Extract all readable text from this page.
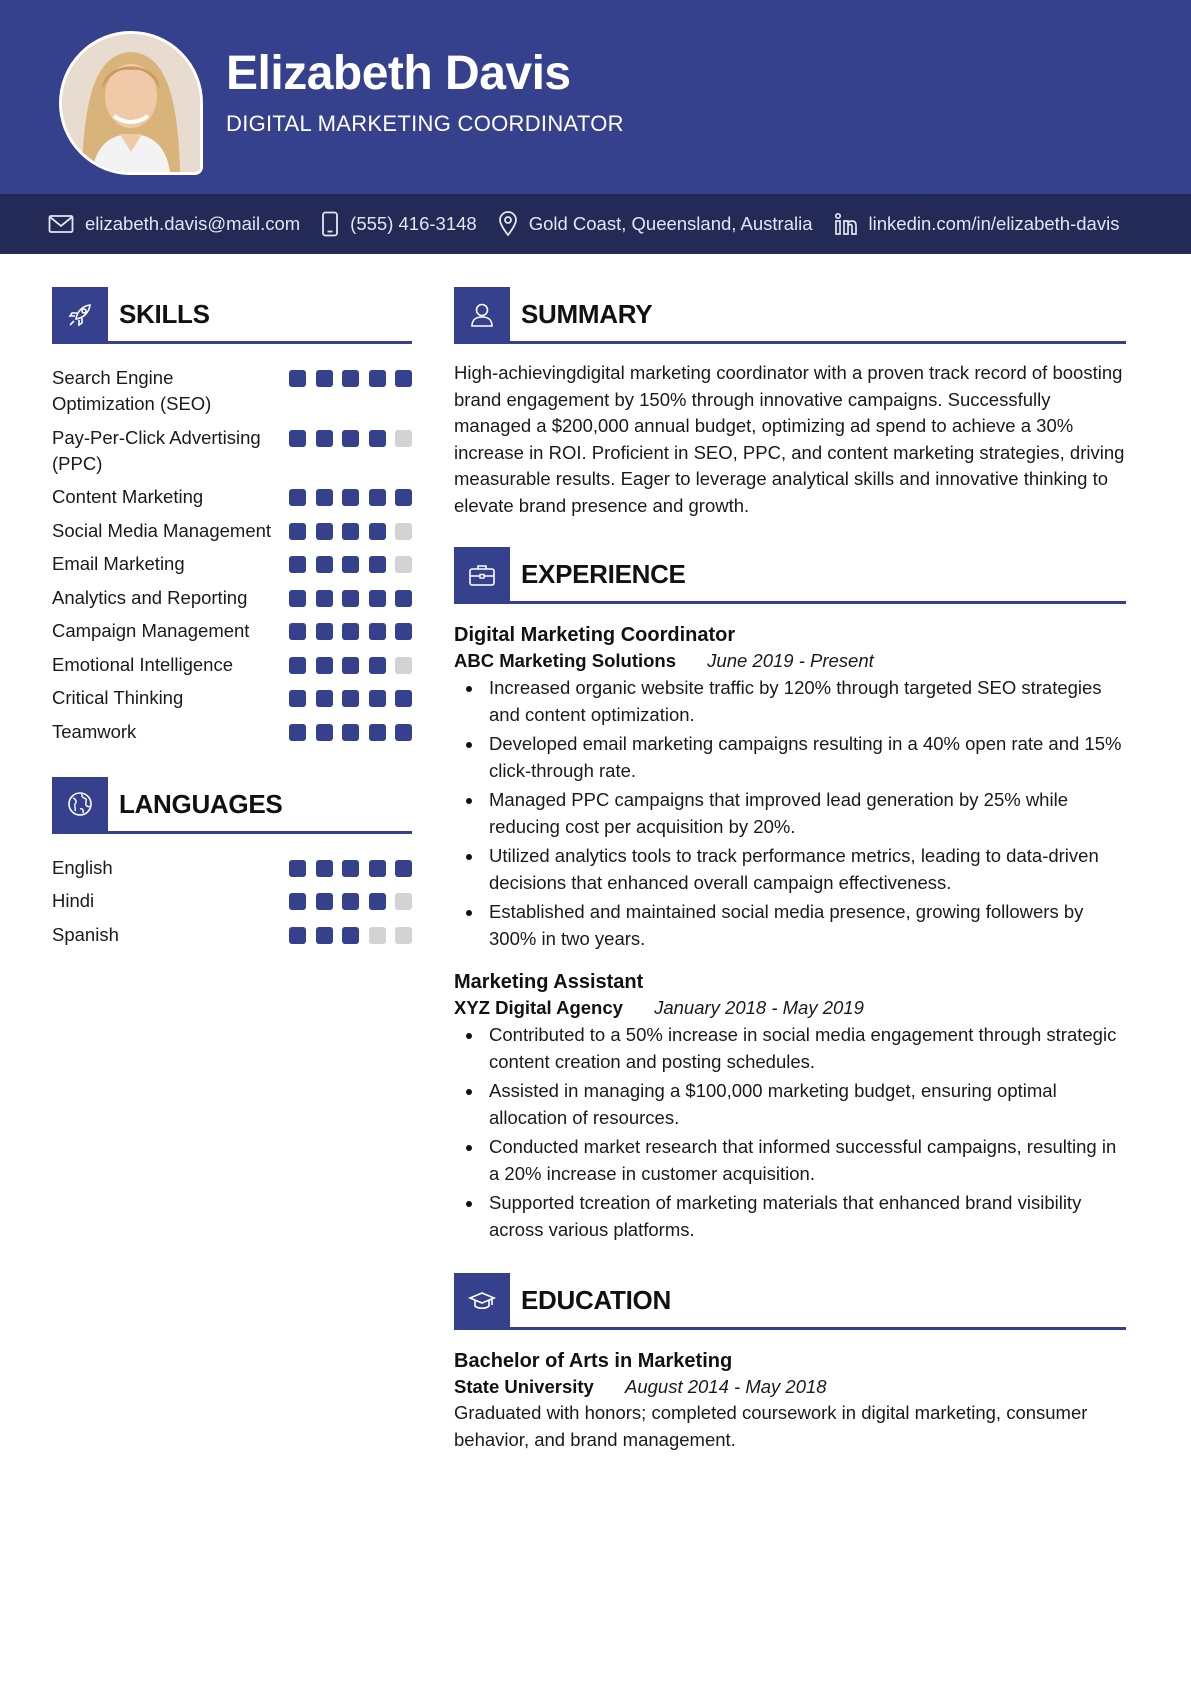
Elizabeth Davis
DIGITAL MARKETING COORDINATOR
elizabeth.davis@mail.com	(555) 416-3148	Gold Coast, Queensland, Australia	linkedin.com/in/elizabeth-davis
SKILLS
Search Engine Optimization (SEO)
Pay-Per-Click Advertising (PPC)
Content Marketing
Social Media Management
Email Marketing
Analytics and Reporting
Campaign Management
Emotional Intelligence
Critical Thinking
Teamwork
LANGUAGES
English
Hindi
Spanish
SUMMARY

High-achievingdigital marketing coordinator with a proven track record of boosting brand engagement by 150% through innovative campaigns. Successfully managed a $200,000 annual budget, optimizing ad spend to achieve a 30% increase in ROI. Proficient in SEO, PPC, and content marketing strategies, driving measurable results. Eager to leverage analytical skills and innovative thinking to elevate brand presence and growth.

EXPERIENCE
Digital Marketing Coordinator
ABC Marketing Solutions June 2019 - Present
Increased organic website traffic by 120% through targeted SEO strategies and content optimization.
Developed email marketing campaigns resulting in a 40% open rate and 15% click-through rate.
Managed PPC campaigns that improved lead generation by 25% while reducing cost per acquisition by 20%.
Utilized analytics tools to track performance metrics, leading to data-driven decisions that enhanced overall campaign effectiveness.
Established and maintained social media presence, growing followers by 300% in two years.
Marketing Assistant
XYZ Digital Agency January 2018 - May 2019
Contributed to a 50% increase in social media engagement through strategic content creation and posting schedules.
Assisted in managing a $100,000 marketing budget, ensuring optimal allocation of resources.
Conducted market research that informed successful campaigns, resulting in a 20% increase in customer acquisition.
Supported tcreation of marketing materials that enhanced brand visibility across various platforms.
EDUCATION
Bachelor of Arts in Marketing
State University August 2014 - May 2018

Graduated with honors; completed coursework in digital marketing, consumer behavior, and brand management.
